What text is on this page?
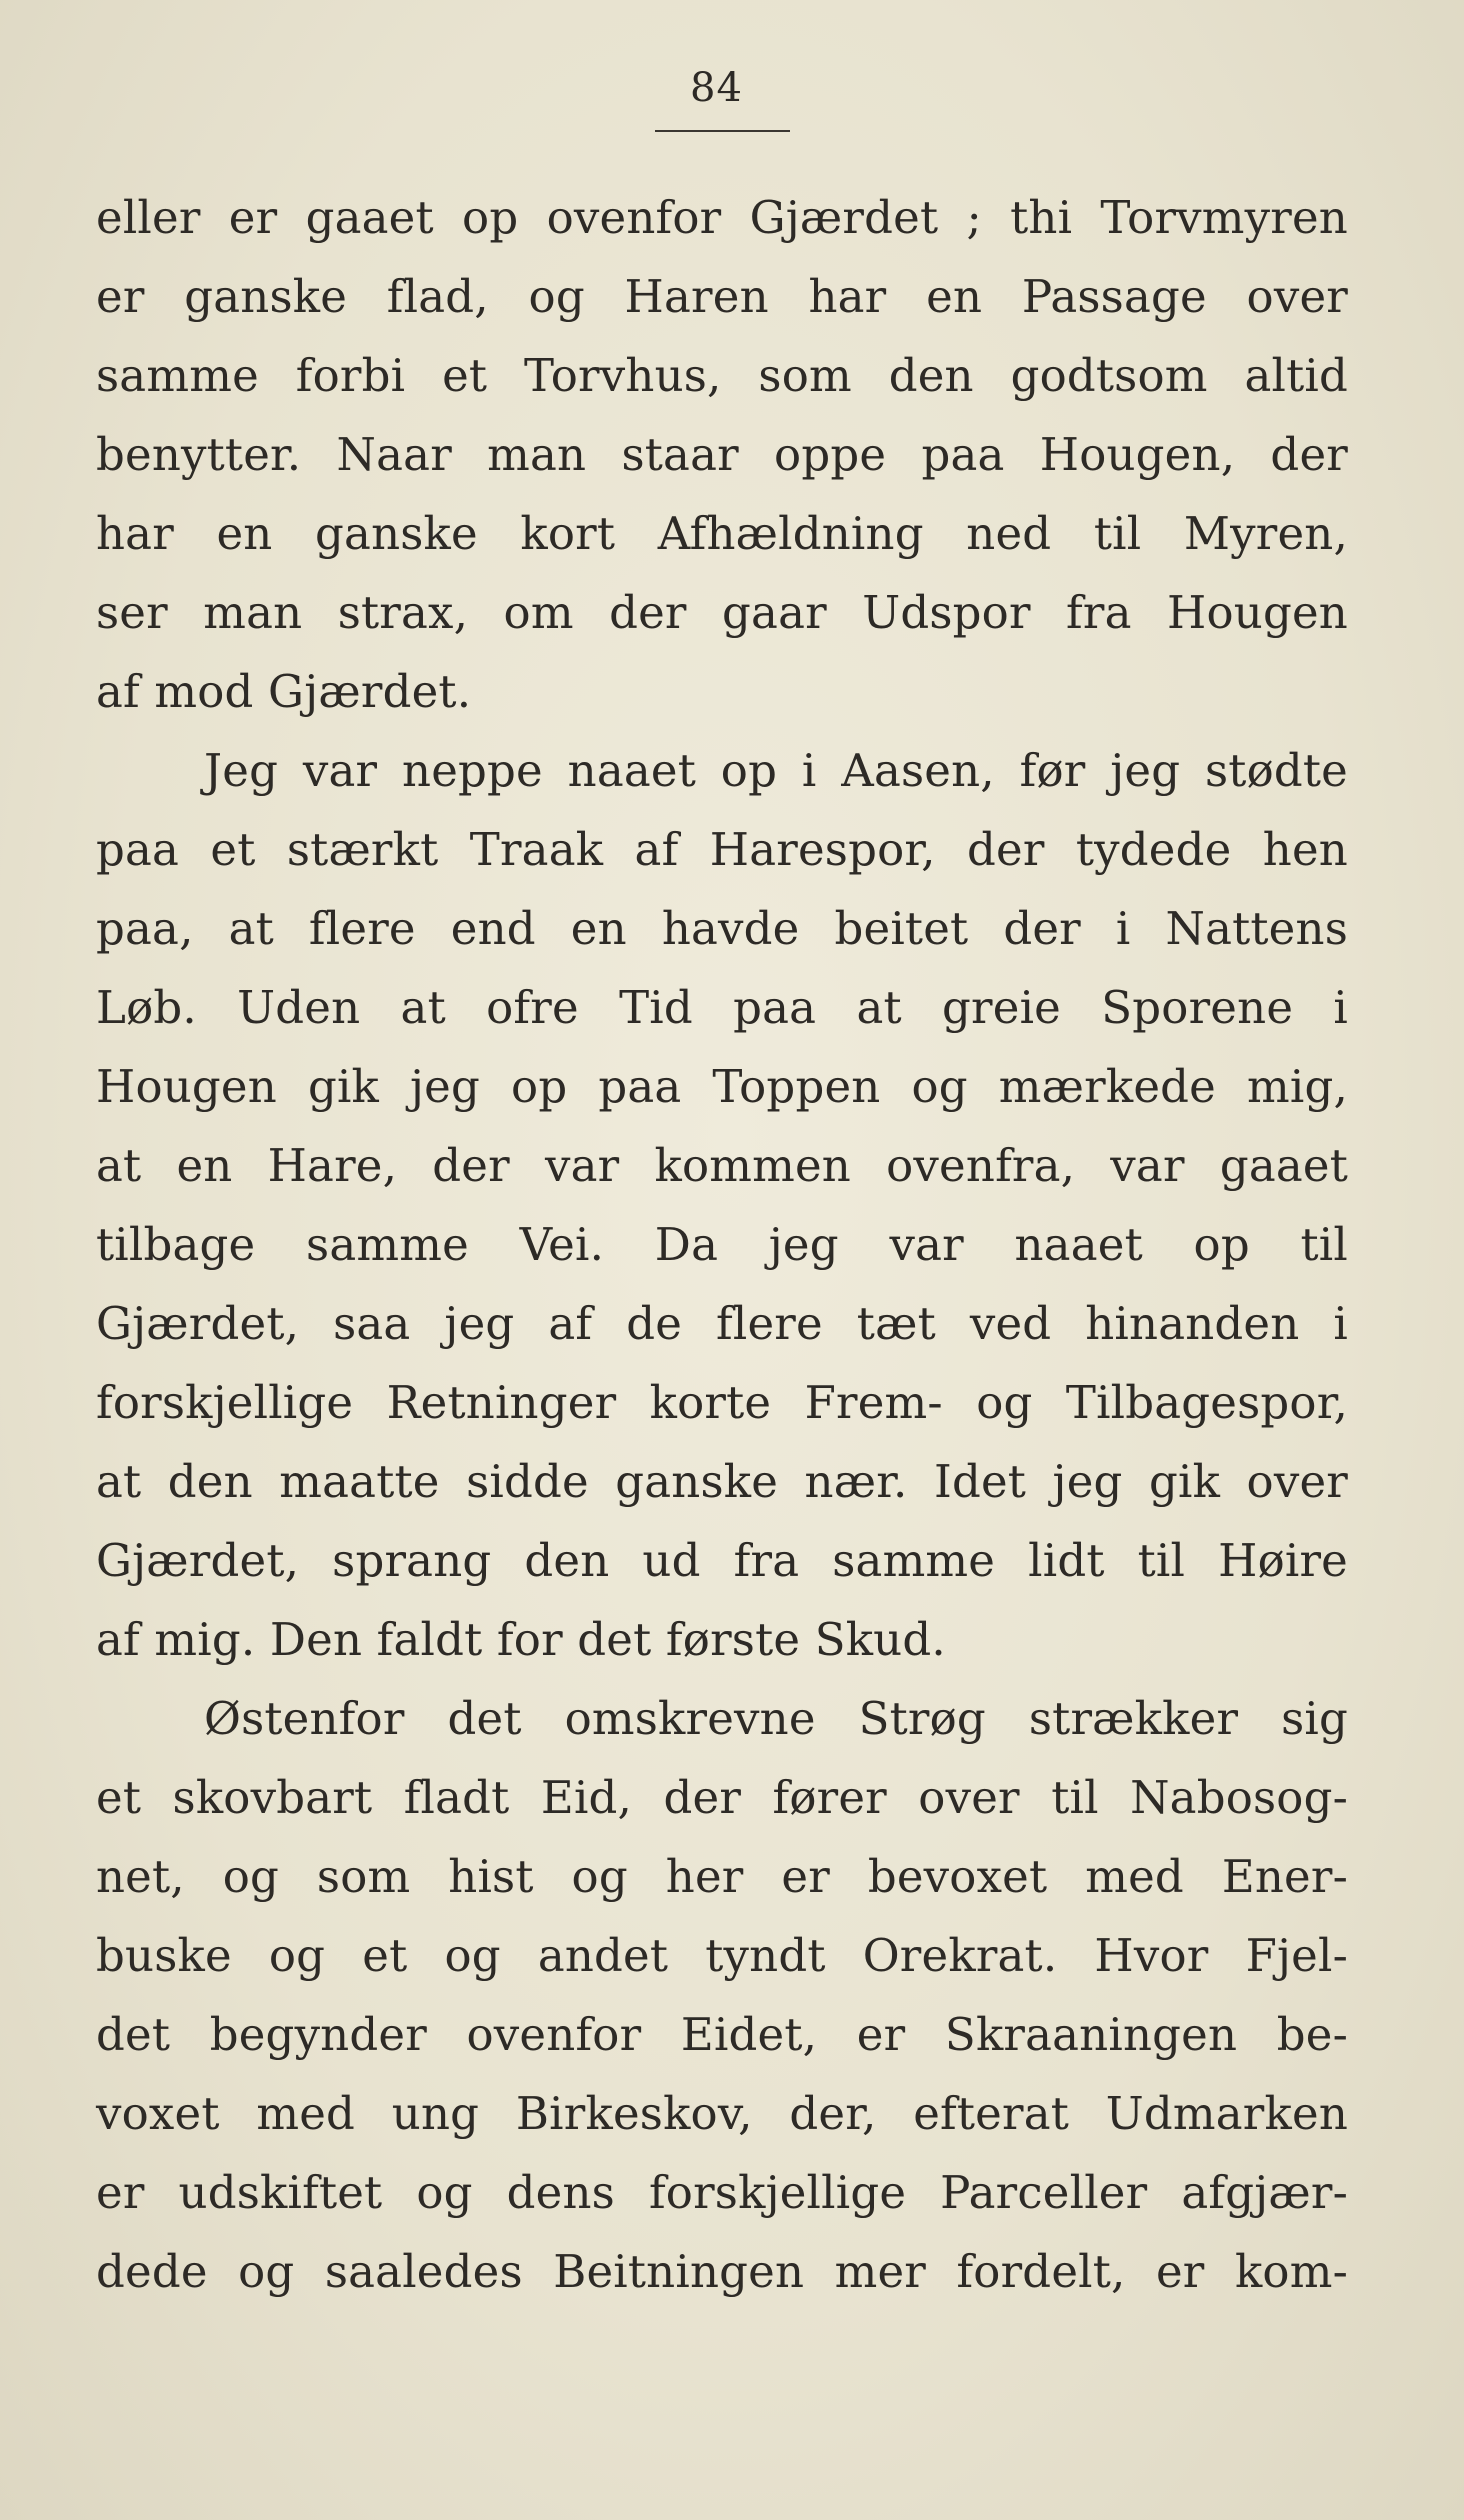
84
eller er gaaet op ovenfor Gjærdet ; thi Torvmyren
er ganske flad, og Haren har en Passage over
samme forbi et Torvhus, som den godtsom altid
benytter. Naar man staar oppe paa Hougen, der
har en ganske kort Afhældning ned til Myren,
ser man strax, om der gaar Udspor fra Hougen
af mod Gjærdet.
Jeg var neppe naaet op i Aasen, før jeg stødte
paa et stærkt Traak af Harespor, der tydede hen
paa, at flere end en havde beitet der i Nattens
Løb. Uden at ofre Tid paa at greie Sporene i
Hougen gik jeg op paa Toppen og mærkede mig,
at en Hare, der var kommen ovenfra, var gaaet
tilbage samme Vei. Da jeg var naaet op til
Gjærdet, saa jeg af de flere tæt ved hinanden i
forskjellige Retninger korte Frem- og Tilbagespor,
at den maatte sidde ganske nær. Idet jeg gik over
Gjærdet, sprang den ud fra samme lidt til Høire
af mig. Den faldt for det første Skud.
Østenfor det omskrevne Strøg strækker sig
et skovbart fladt Eid, der fører over til Nabosog-
net, og som hist og her er bevoxet med Ener-
buske og et og andet tyndt Orekrat. Hvor Fjel-
det begynder ovenfor Eidet, er Skraaningen be-
voxet med ung Birkeskov, der, efterat Udmarken
er udskiftet og dens forskjellige Parceller afgjær-
dede og saaledes Beitningen mer fordelt, er kom-
